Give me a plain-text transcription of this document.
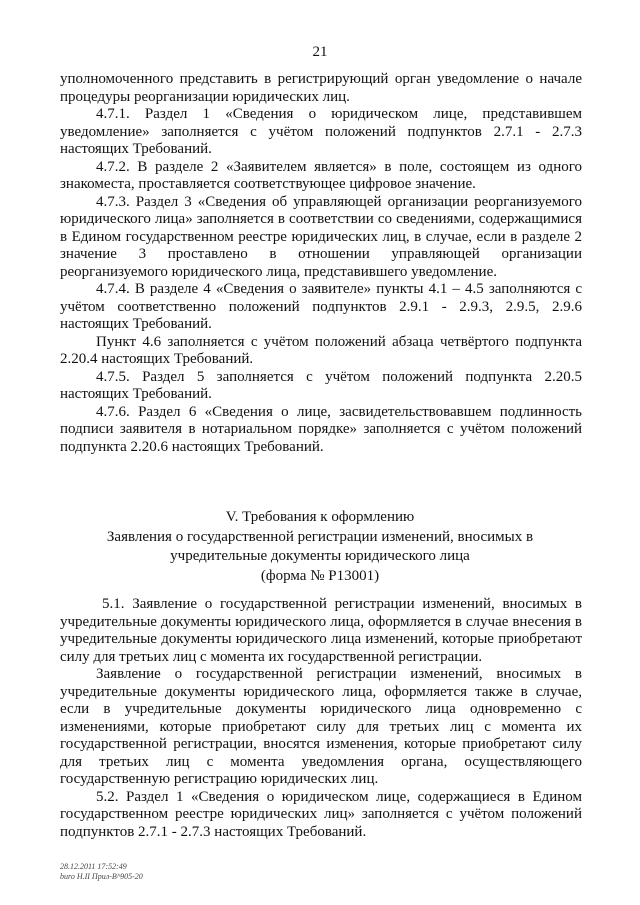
21

уполномоченного представить в регистрирующий орган уведомление о начале процедуры реорганизации юридических лиц.

4.7.1. Раздел 1 «Сведения о юридическом лице, представившем уведомление» заполняется с учётом положений подпунктов 2.7.1 - 2.7.3 настоящих Требований.

4.7.2. В разделе 2 «Заявителем является» в поле, состоящем из одного знакоместа, проставляется соответствующее цифровое значение.

4.7.3. Раздел 3 «Сведения об управляющей организации реорганизуемого юридического лица» заполняется в соответствии со сведениями, содержащимися в Едином государственном реестре юридических лиц, в случае, если в разделе 2 значение 3 проставлено в отношении управляющей организации реорганизуемого юридического лица, представившего уведомление.

4.7.4. В разделе 4 «Сведения о заявителе» пункты 4.1 – 4.5 заполняются с учётом соответственно положений подпунктов 2.9.1 - 2.9.3, 2.9.5, 2.9.6 настоящих Требований.

Пункт 4.6 заполняется с учётом положений абзаца четвёртого подпункта 2.20.4 настоящих Требований.

4.7.5. Раздел 5 заполняется с учётом положений подпункта 2.20.5 настоящих Требований.

4.7.6. Раздел 6 «Сведения о лице, засвидетельствовавшем подлинность подписи заявителя в нотариальном порядке» заполняется с учётом положений подпункта 2.20.6 настоящих Требований.

V. Требования к оформлению
Заявления о государственной регистрации изменений, вносимых в
учредительные документы юридического лица
(форма № Р13001)

5.1. Заявление о государственной регистрации изменений, вносимых в учредительные документы юридического лица, оформляется в случае внесения в учредительные документы юридического лица изменений, которые приобретают силу для третьих лиц с момента их государственной регистрации.

Заявление о государственной регистрации изменений, вносимых в учредительные документы юридического лица, оформляется также в случае, если в учредительные документы юридического лица одновременно с изменениями, которые приобретают силу для третьих лиц с момента их государственной регистрации, вносятся изменения, которые приобретают силу для третьих лиц с момента уведомления органа, осуществляющего государственную регистрацию юридических лиц.

5.2. Раздел 1 «Сведения о юридическом лице, содержащиеся в Едином государственном реестре юридических лиц» заполняется с учётом положений подпунктов 2.7.1 - 2.7.3 настоящих Требований.

28.12.2011 17:52:49
buro H.II Прил-В^905-20
